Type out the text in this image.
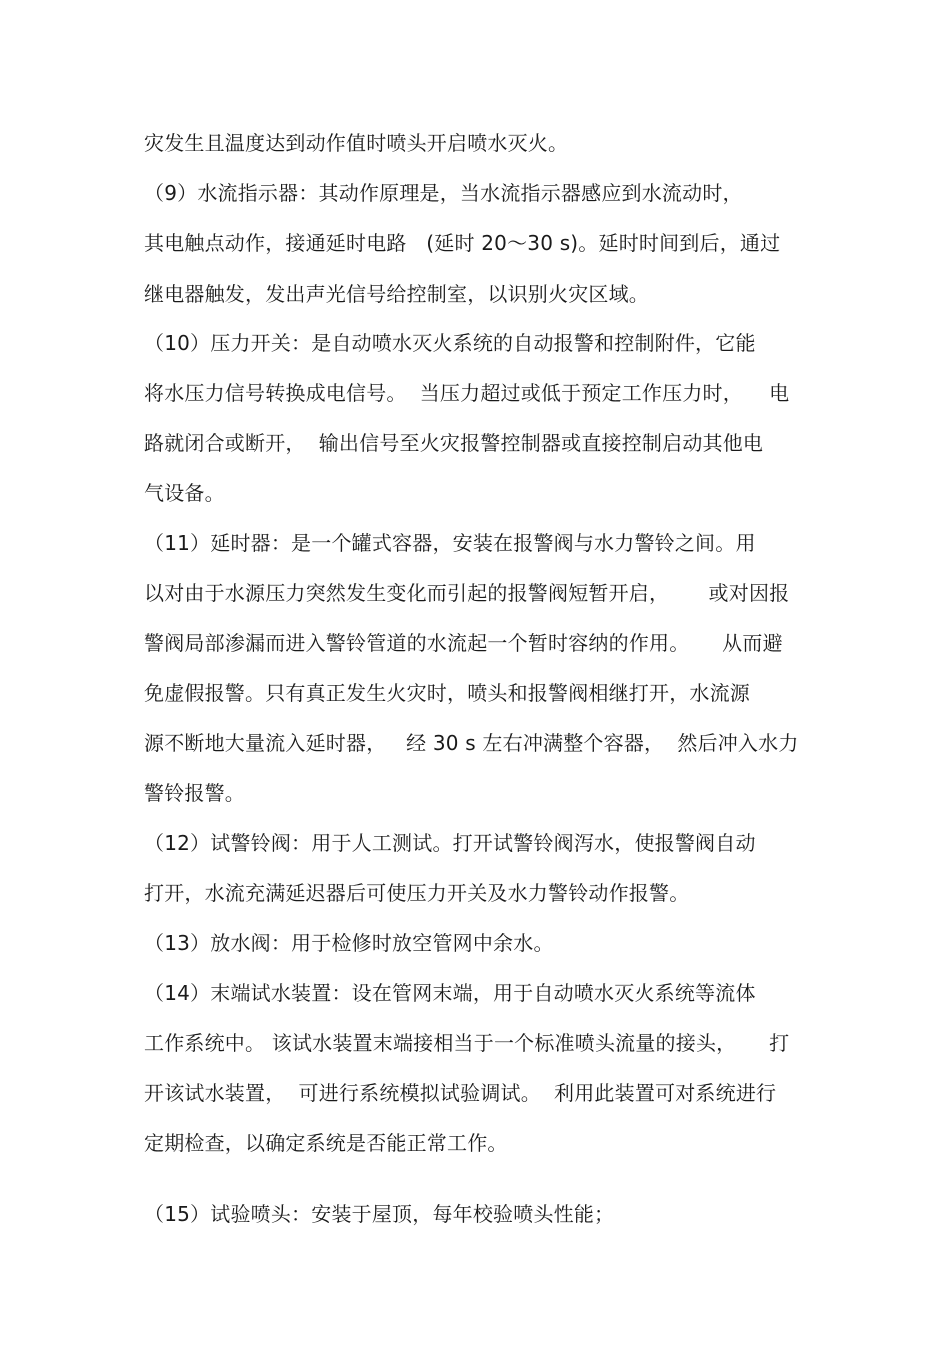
灾发生且温度达到动作值时喷头开启喷水灭火。
（9）水流指示器：其动作原理是，当水流指示器感应到水流动时，
其电触点动作，接通延时电路   (延时 20～30 s)。延时时间到后，通过
继电器触发，发出声光信号给控制室，以识别火灾区域。
（10）压力开关：是自动喷水灭火系统的自动报警和控制附件，它能
将水压力信号转换成电信号。  当压力超过或低于预定工作压力时，    电
路就闭合或断开，  输出信号至火灾报警控制器或直接控制启动其他电
气设备。
（11）延时器：是一个罐式容器，安装在报警阀与水力警铃之间。用
以对由于水源压力突然发生变化而引起的报警阀短暂开启，      或对因报
警阀局部渗漏而进入警铃管道的水流起一个暂时容纳的作用。     从而避
免虚假报警。只有真正发生火灾时，喷头和报警阀相继打开，水流源
源不断地大量流入延时器，   经 30 s 左右冲满整个容器，  然后冲入水力
警铃报警。
（12）试警铃阀：用于人工测试。打开试警铃阀泻水，使报警阀自动
打开，水流充满延迟器后可使压力开关及水力警铃动作报警。
（13）放水阀：用于检修时放空管网中余水。
（14）末端试水装置：设在管网末端，用于自动喷水灭火系统等流体
工作系统中。 该试水装置末端接相当于一个标准喷头流量的接头，     打
开该试水装置，  可进行系统模拟试验调试。  利用此装置可对系统进行
定期检查，以确定系统是否能正常工作。
（15）试验喷头：安装于屋顶，每年校验喷头性能；
